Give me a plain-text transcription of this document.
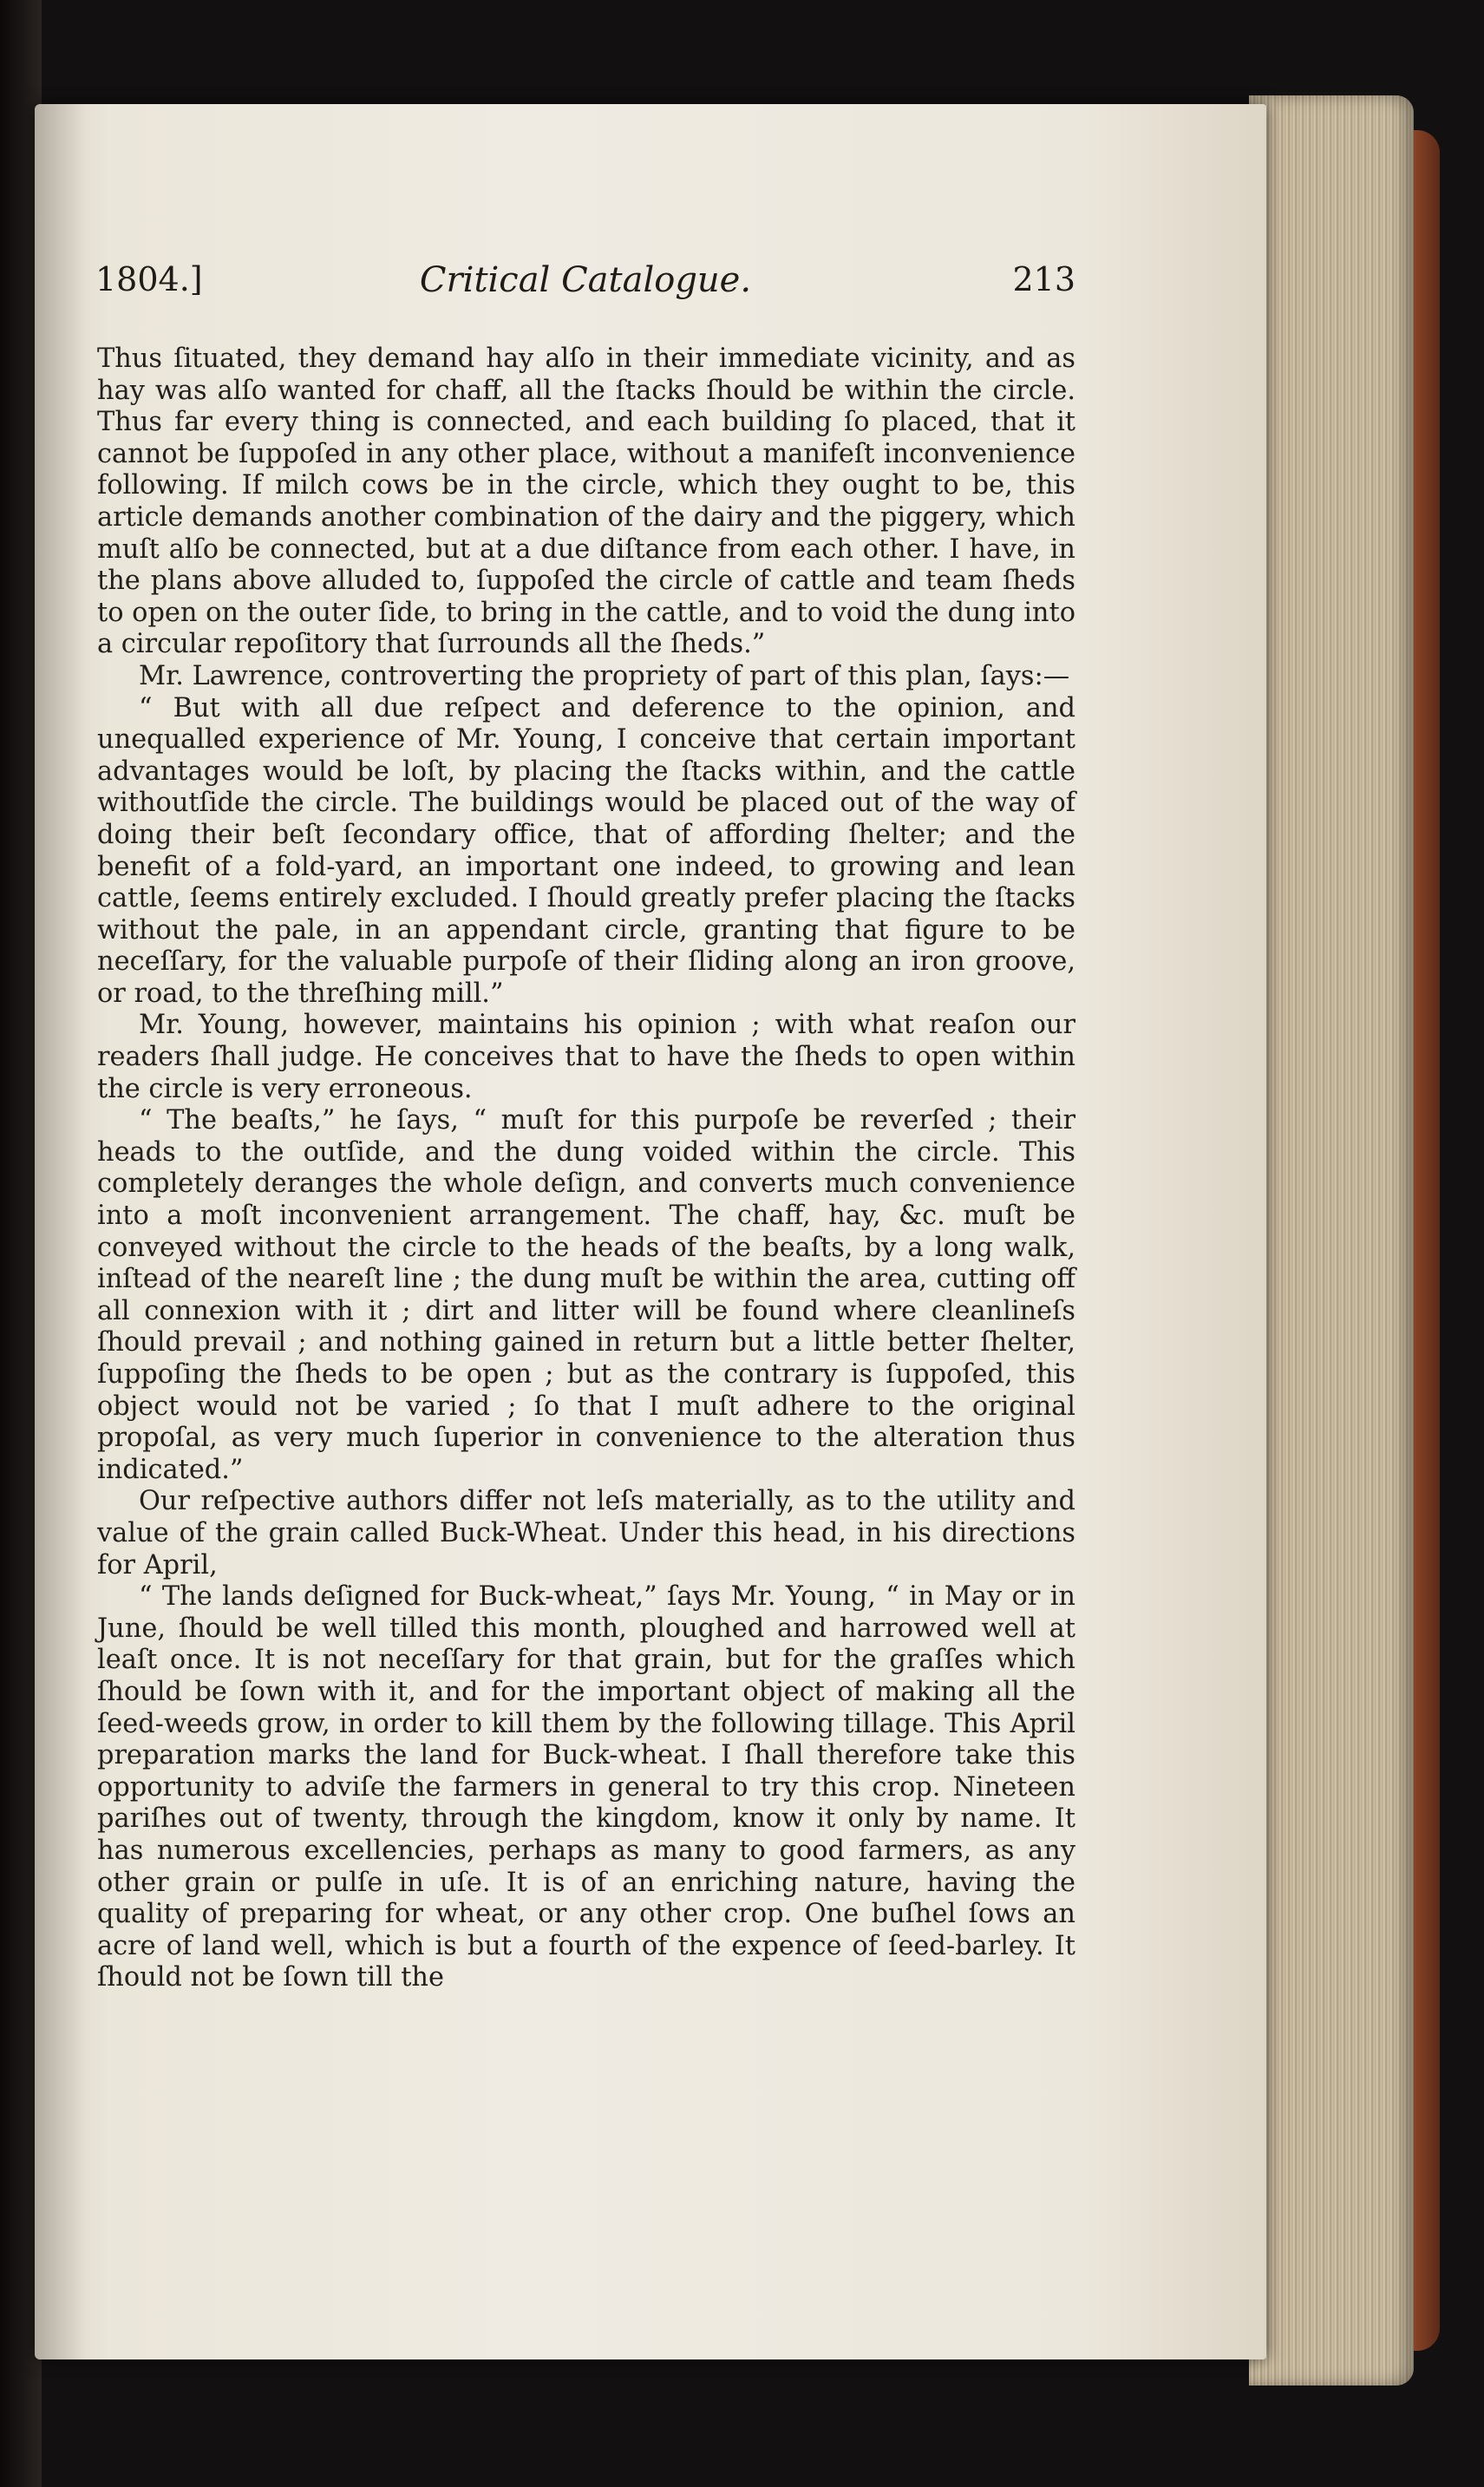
1804.]	Critical Catalogue.	213

Thus ſituated, they demand hay alſo in their immediate vicinity, and as hay was alſo wanted for chaff, all the ſtacks ſhould be within the circle. Thus far every thing is connected, and each building ſo placed, that it cannot be ſuppoſed in any other place, without a manifeſt inconvenience following. If milch cows be in the circle, which they ought to be, this article demands another combination of the dairy and the piggery, which muſt alſo be connected, but at a due diſtance from each other. I have, in the plans above alluded to, ſuppoſed the circle of cattle and team ſheds to open on the outer ſide, to bring in the cattle, and to void the dung into a circular repoſitory that ſurrounds all the ſheds.”

Mr. Lawrence, controverting the propriety of part of this plan, ſays:—

“ But with all due reſpect and deference to the opinion, and unequalled experience of Mr. Young, I conceive that certain important advantages would be loſt, by placing the ſtacks within, and the cattle withoutſide the circle. The buildings would be placed out of the way of doing their beſt ſecondary office, that of affording ſhelter; and the benefit of a fold-yard, an important one indeed, to growing and lean cattle, ſeems entirely excluded. I ſhould greatly prefer placing the ſtacks without the pale, in an appendant circle, granting that figure to be neceſſary, for the valuable purpoſe of their ſliding along an iron groove, or road, to the threſhing mill.”

Mr. Young, however, maintains his opinion ; with what reaſon our readers ſhall judge. He conceives that to have the ſheds to open within the circle is very erroneous.

“ The beaſts,” he ſays, “ muſt for this purpoſe be reverſed ; their heads to the outſide, and the dung voided within the circle. This completely deranges the whole deſign, and converts much convenience into a moſt inconvenient arrangement. The chaff, hay, &c. muſt be conveyed without the circle to the heads of the beaſts, by a long walk, inſtead of the neareſt line ; the dung muſt be within the area, cutting off all connexion with it ; dirt and litter will be found where cleanlineſs ſhould prevail ; and nothing gained in return but a little better ſhelter, ſuppoſing the ſheds to be open ; but as the contrary is ſuppoſed, this object would not be varied ; ſo that I muſt adhere to the original propoſal, as very much ſuperior in convenience to the alteration thus indicated.”

Our reſpective authors differ not leſs materially, as to the utility and value of the grain called Buck-Wheat. Under this head, in his directions for April,

“ The lands deſigned for Buck-wheat,” ſays Mr. Young, “ in May or in June, ſhould be well tilled this month, ploughed and harrowed well at leaſt once. It is not neceſſary for that grain, but for the graſſes which ſhould be ſown with it, and for the important object of making all the ſeed-weeds grow, in order to kill them by the following tillage. This April preparation marks the land for Buck-wheat. I ſhall therefore take this opportunity to adviſe the farmers in general to try this crop. Nineteen pariſhes out of twenty, through the kingdom, know it only by name. It has numerous excellencies, perhaps as many to good farmers, as any other grain or pulſe in uſe. It is of an enriching nature, having the quality of preparing for wheat, or any other crop. One buſhel ſows an acre of land well, which is but a fourth of the expence of ſeed-barley. It ſhould not be ſown till the
